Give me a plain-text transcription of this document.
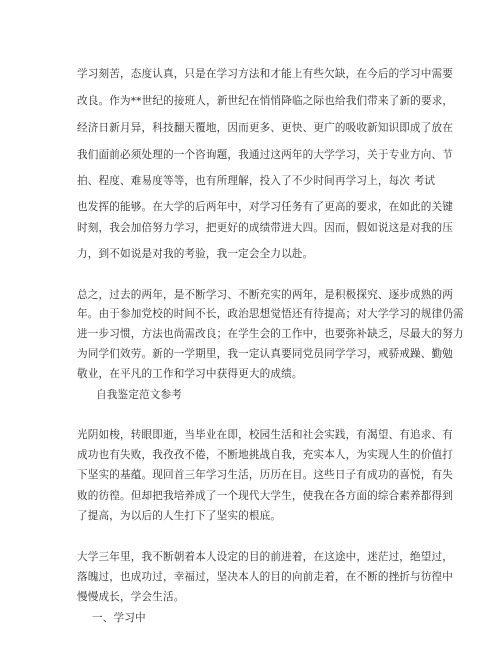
学习刻苦，态度认真，只是在学习方法和才能上有些欠缺，在今后的学习中需要
改良。作为**世纪的接班人，新世纪在悄悄降临之际也给我们带来了新的要求，
经济日新月异，科技翻天覆地，因而更多、更快、更广的吸收新知识即成了放在
我们面前必须处理的一个咨询题，我通过这两年的大学学习，关于专业方向、节
拍、程度、难易度等等，也有所理解，投入了不少时间再学习上，每次 考试
也发挥的能够。在大学的后两年中，对学习任务有了更高的要求，在如此的关键
时刻，我会加倍努力学习，把更好的成绩带进大四。因而，假如说这是对我的压
力，到不如说是对我的考验，我一定会全力以赴。
总之，过去的两年，是不断学习、不断充实的两年，是积极探究、逐步成熟的两
年。由于参加党校的时间不长，政治思想觉悟还有待提高；对大学学习的规律仍需
进一步习惯，方法也尚需改良；在学生会的工作中，也要弥补缺乏，尽最大的努力
为同学们效劳。新的一学期里，我一定认真要同党员同学学习，戒骄戒躁、勤勉
敬业，在平凡的工作和学习中获得更大的成绩。
自我鉴定范文参考
光阴如梭，转眼即逝，当毕业在即，校园生活和社会实践，有渴望、有追求、有
成功也有失败，我孜孜不倦，不断地挑战自我，充实本人，为实现人生的价值打
下坚实的基蕴。现回首三年学习生活，历历在目。这些日子有成功的喜悦，有失
败的彷徨。但却把我培养成了一个现代大学生，使我在各方面的综合素养都得到
了提高，为以后的人生打下了坚实的根底。
大学三年里，我不断朝着本人设定的目的前进着，在这途中，迷茫过，绝望过，
落魄过，也成功过，幸福过，坚决本人的目的向前走着，在不断的挫折与彷徨中
慢慢成长，学会生活。
一、学习中
